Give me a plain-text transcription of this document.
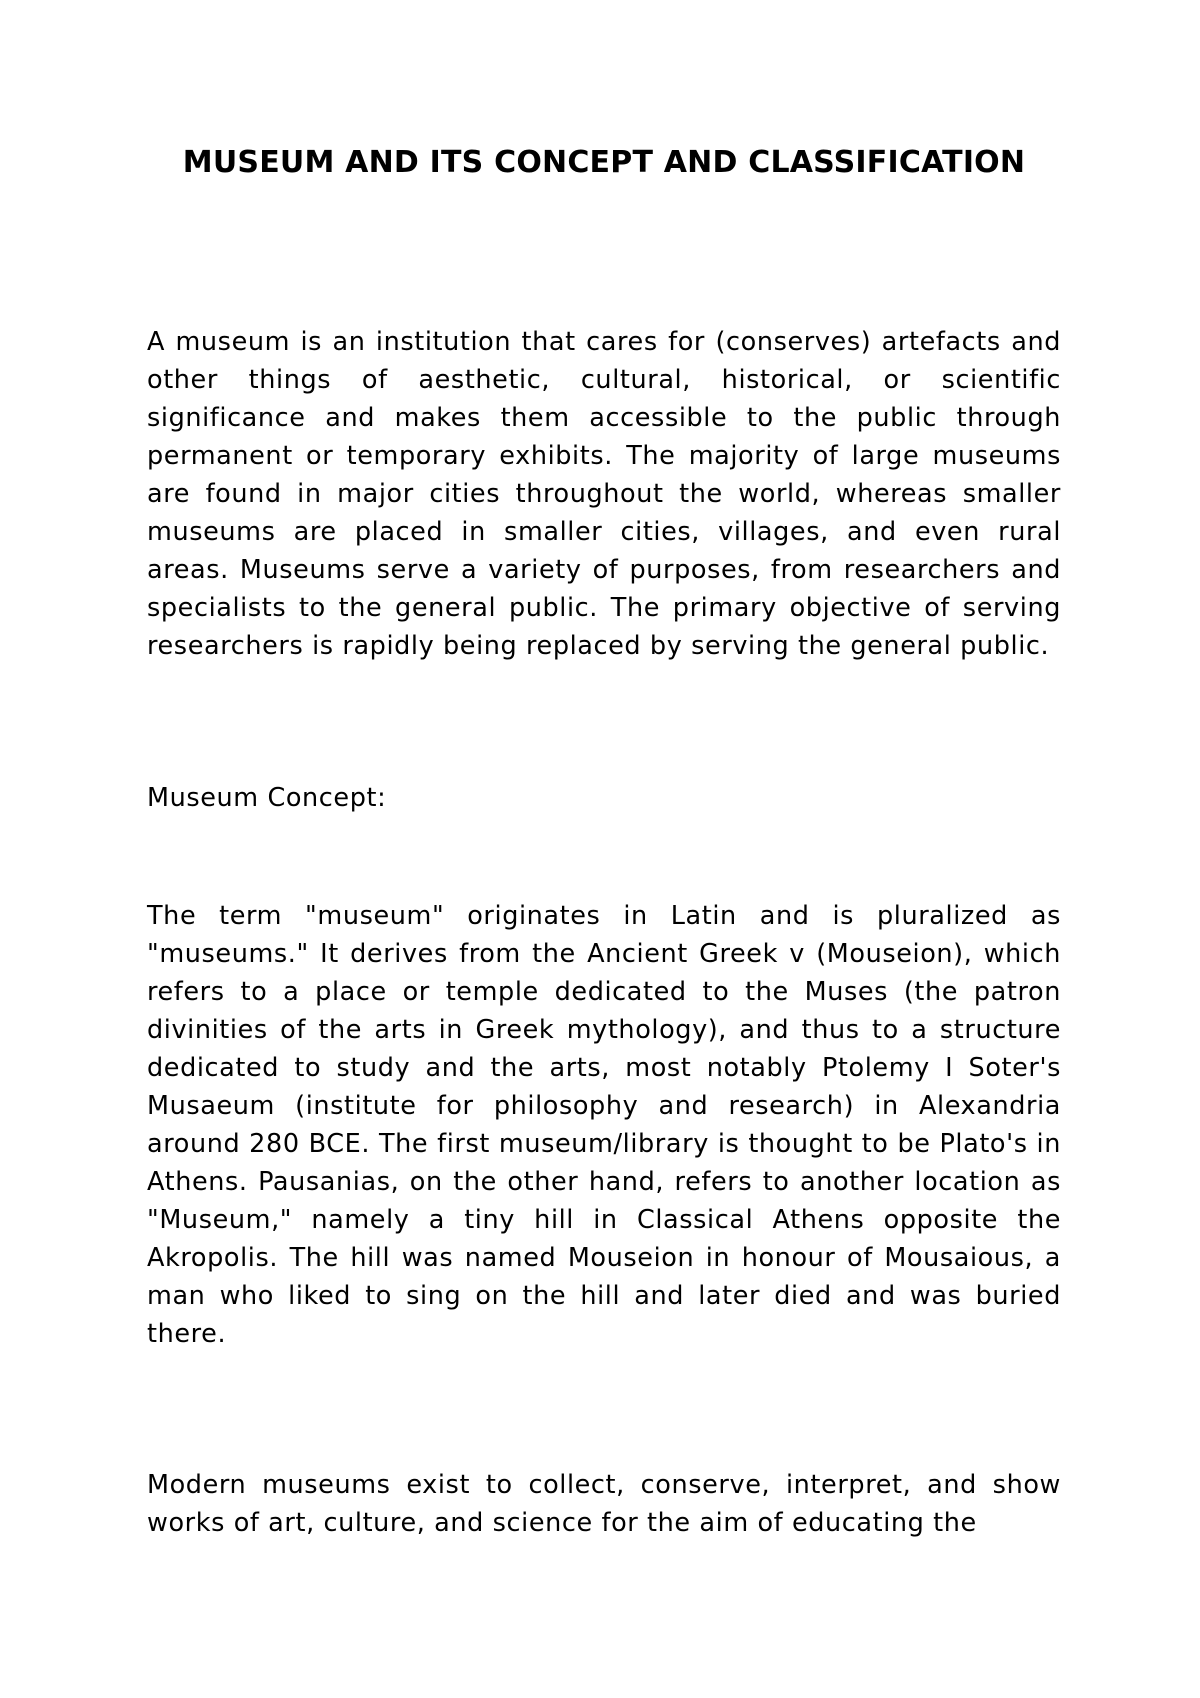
MUSEUM AND ITS CONCEPT AND CLASSIFICATION

A museum is an institution that cares for (conserves) artefacts and other things of aesthetic, cultural, historical, or scientific significance and makes them accessible to the public through permanent or temporary exhibits. The majority of large museums are found in major cities throughout the world, whereas smaller museums are placed in smaller cities, villages, and even rural areas. Museums serve a variety of purposes, from researchers and specialists to the general public. The primary objective of serving researchers is rapidly being replaced by serving the general public.

Museum Concept:

The term "museum" originates in Latin and is pluralized as "museums." It derives from the Ancient Greek v (Mouseion), which refers to a place or temple dedicated to the Muses (the patron divinities of the arts in Greek mythology), and thus to a structure dedicated to study and the arts, most notably Ptolemy I Soter's Musaeum (institute for philosophy and research) in Alexandria around 280 BCE. The first museum/library is thought to be Plato's in Athens. Pausanias, on the other hand, refers to another location as "Museum," namely a tiny hill in Classical Athens opposite the Akropolis. The hill was named Mouseion in honour of Mousaious, a man who liked to sing on the hill and later died and was buried there.

Modern museums exist to collect, conserve, interpret, and show works of art, culture, and science for the aim of educating the
